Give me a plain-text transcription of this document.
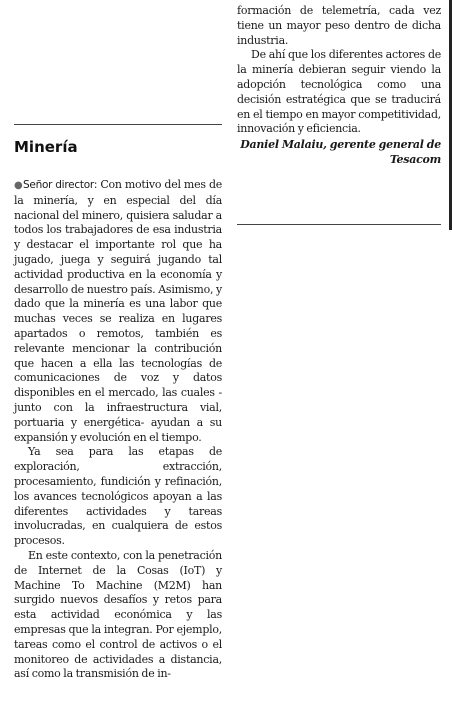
Minería

●Señor director: Con motivo del mes de la minería, y en especial del día nacional del minero, quisiera saludar a todos los trabajadores de esa industria y destacar el importante rol que ha jugado, juega y seguirá jugando tal actividad productiva en la economía y desarrollo de nuestro país. Asimismo, y dado que la minería es una labor que muchas veces se realiza en lugares apartados o remotos, también es relevante mencionar la contribución que hacen a ella las tecnologías de comunicaciones de voz y datos disponibles en el mercado, las cuales -junto con la infraestructura vial, portuaria y energética- ayudan a su expansión y evolución en el tiempo.

Ya sea para las etapas de exploración, extracción, procesamiento, fundición y refinación, los avances tecnológicos apoyan a las diferentes actividades y tareas involucradas, en cualquiera de estos procesos.

En este contexto, con la penetración de Internet de la Cosas (IoT) y Machine To Machine (M2M) han surgido nuevos desafíos y retos para esta actividad económica y las empresas que la integran. Por ejemplo, tareas como el control de activos o el monitoreo de actividades a distancia, así como la transmisión de in-

formación de telemetría, cada vez tiene un mayor peso dentro de dicha industria.

De ahí que los diferentes actores de la minería debieran seguir viendo la adopción tecnológica como una decisión estratégica que se traducirá en el tiempo en mayor competitividad, innovación y eficiencia.

Daniel Malaiu, gerente general de Tesacom
